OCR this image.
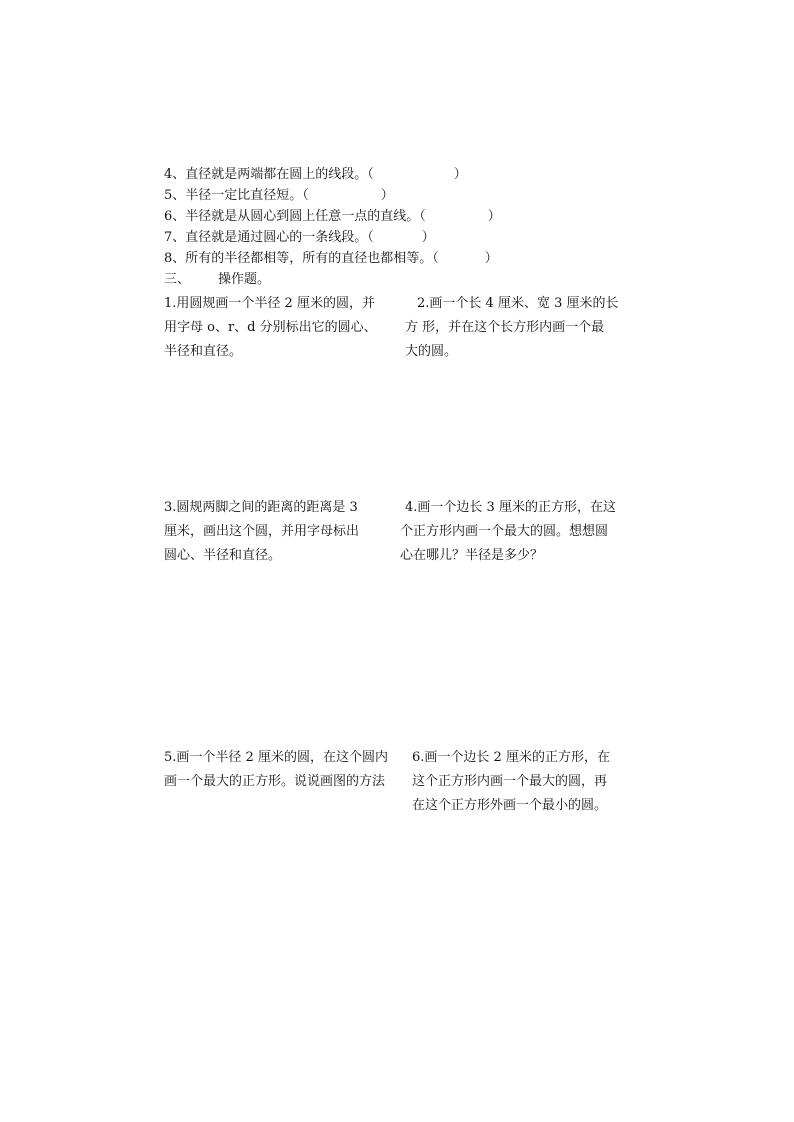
4、直径就是两端都在圆上的线段。（	）
5、半径一定比直径短。（	）
6、半径就是从圆心到圆上任意一点的直线。（	）
7、直径就是通过圆心的一条线段。（	）
8、所有的半径都相等，所有的直径也都相等。（	）
三、 操作题。
1.用圆规画一个半径 2 厘米的圆，并
用字母 o、r、d 分别标出它的圆心、
半径和直径。
2.画一个长 4 厘米、宽 3 厘米的长
方 形，并在这个长方形内画一个最
大的圆。
3.圆规两脚之间的距离的距离是 3
厘米，画出这个圆，并用字母标出
圆心、半径和直径。
4.画一个边长 3 厘米的正方形，在这
个正方形内画一个最大的圆。想想圆
心在哪儿？半径是多少？
5.画一个半径 2 厘米的圆，在这个圆内
画一个最大的正方形。说说画图的方法
6.画一个边长 2 厘米的正方形，在
这个正方形内画一个最大的圆，再
在这个正方形外画一个最小的圆。
